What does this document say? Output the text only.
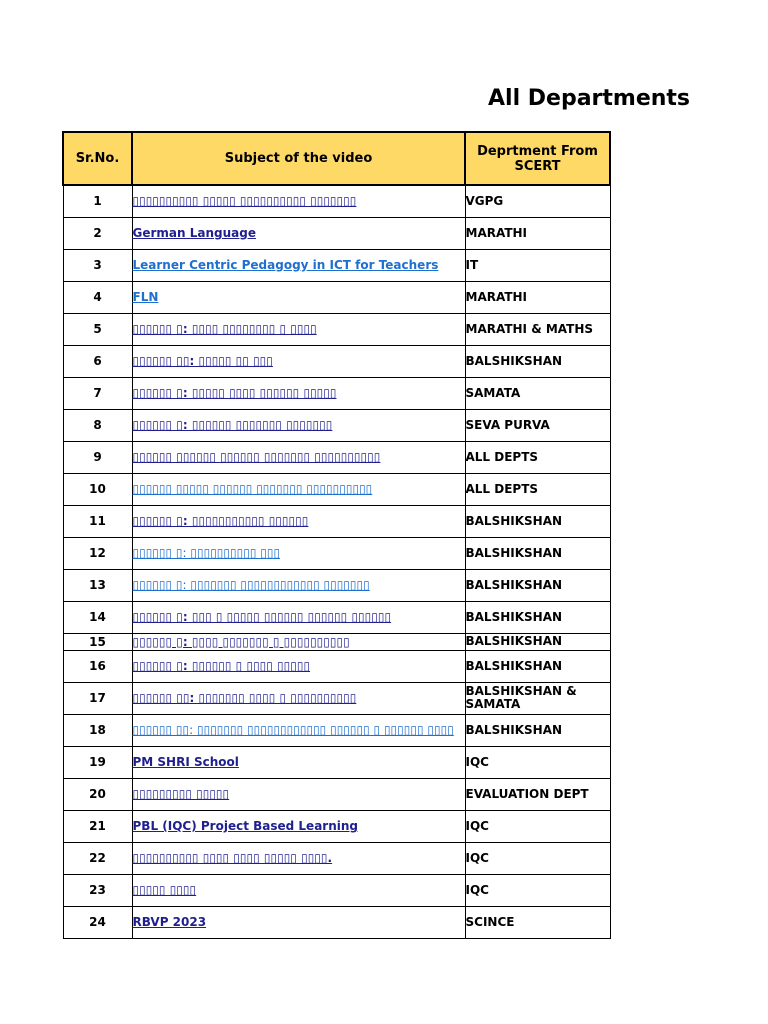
All Departments
Sr.No.	Subject of the video	Deprtment From SCERT
1	▯▯▯▯▯▯▯▯▯▯ ▯▯▯▯▯ ▯▯▯▯▯▯▯▯▯▯ ▯▯▯▯▯▯▯	VGPG
2	German Language	MARATHI
3	Learner Centric Pedagogy in ICT for Teachers	IT
4	FLN	MARATHI
5	▯▯▯▯▯▯ ▯: ▯▯▯▯ ▯▯▯▯▯▯▯▯ ▯ ▯▯▯▯	MARATHI & MATHS
6	▯▯▯▯▯▯ ▯▯: ▯▯▯▯▯ ▯▯ ▯▯▯	BALSHIKSHAN
7	▯▯▯▯▯▯ ▯: ▯▯▯▯▯ ▯▯▯▯ ▯▯▯▯▯▯ ▯▯▯▯▯	SAMATA
8	▯▯▯▯▯▯ ▯: ▯▯▯▯▯▯ ▯▯▯▯▯▯▯ ▯▯▯▯▯▯▯	SEVA PURVA
9	▯▯▯▯▯▯ ▯▯▯▯▯▯ ▯▯▯▯▯▯ ▯▯▯▯▯▯▯ ▯▯▯▯▯▯▯▯▯▯	ALL DEPTS
10	▯▯▯▯▯▯ ▯▯▯▯▯ ▯▯▯▯▯▯ ▯▯▯▯▯▯▯ ▯▯▯▯▯▯▯▯▯▯	ALL DEPTS
11	▯▯▯▯▯▯ ▯: ▯▯▯▯▯▯▯▯▯▯▯ ▯▯▯▯▯▯	BALSHIKSHAN
12	▯▯▯▯▯▯ ▯: ▯▯▯▯▯▯▯▯▯▯ ▯▯▯	BALSHIKSHAN
13	▯▯▯▯▯▯ ▯: ▯▯▯▯▯▯▯ ▯▯▯▯▯▯▯▯▯▯▯▯ ▯▯▯▯▯▯▯	BALSHIKSHAN
14	▯▯▯▯▯▯ ▯: ▯▯▯ ▯ ▯▯▯▯▯ ▯▯▯▯▯▯ ▯▯▯▯▯▯ ▯▯▯▯▯▯	BALSHIKSHAN
15	▯▯▯▯▯▯ ▯: ▯▯▯▯ ▯▯▯▯▯▯▯ ▯ ▯▯▯▯▯▯▯▯▯▯	BALSHIKSHAN
16	▯▯▯▯▯▯ ▯: ▯▯▯▯▯▯ ▯ ▯▯▯▯ ▯▯▯▯▯	BALSHIKSHAN
17	▯▯▯▯▯▯ ▯▯: ▯▯▯▯▯▯▯ ▯▯▯▯ ▯ ▯▯▯▯▯▯▯▯▯▯	BALSHIKSHAN & SAMATA
18	▯▯▯▯▯▯ ▯▯: ▯▯▯▯▯▯▯ ▯▯▯▯▯▯▯▯▯▯▯▯ ▯▯▯▯▯▯ ▯ ▯▯▯▯▯▯ ▯▯▯▯	BALSHIKSHAN
19	PM SHRI School	IQC
20	▯▯▯▯▯▯▯▯▯ ▯▯▯▯▯	EVALUATION DEPT
21	PBL (IQC) Project Based Learning	IQC
22	▯▯▯▯▯▯▯▯▯▯ ▯▯▯▯ ▯▯▯▯ ▯▯▯▯▯ ▯▯▯▯.	IQC
23	▯▯▯▯▯ ▯▯▯▯	IQC
24	RBVP 2023	SCINCE
